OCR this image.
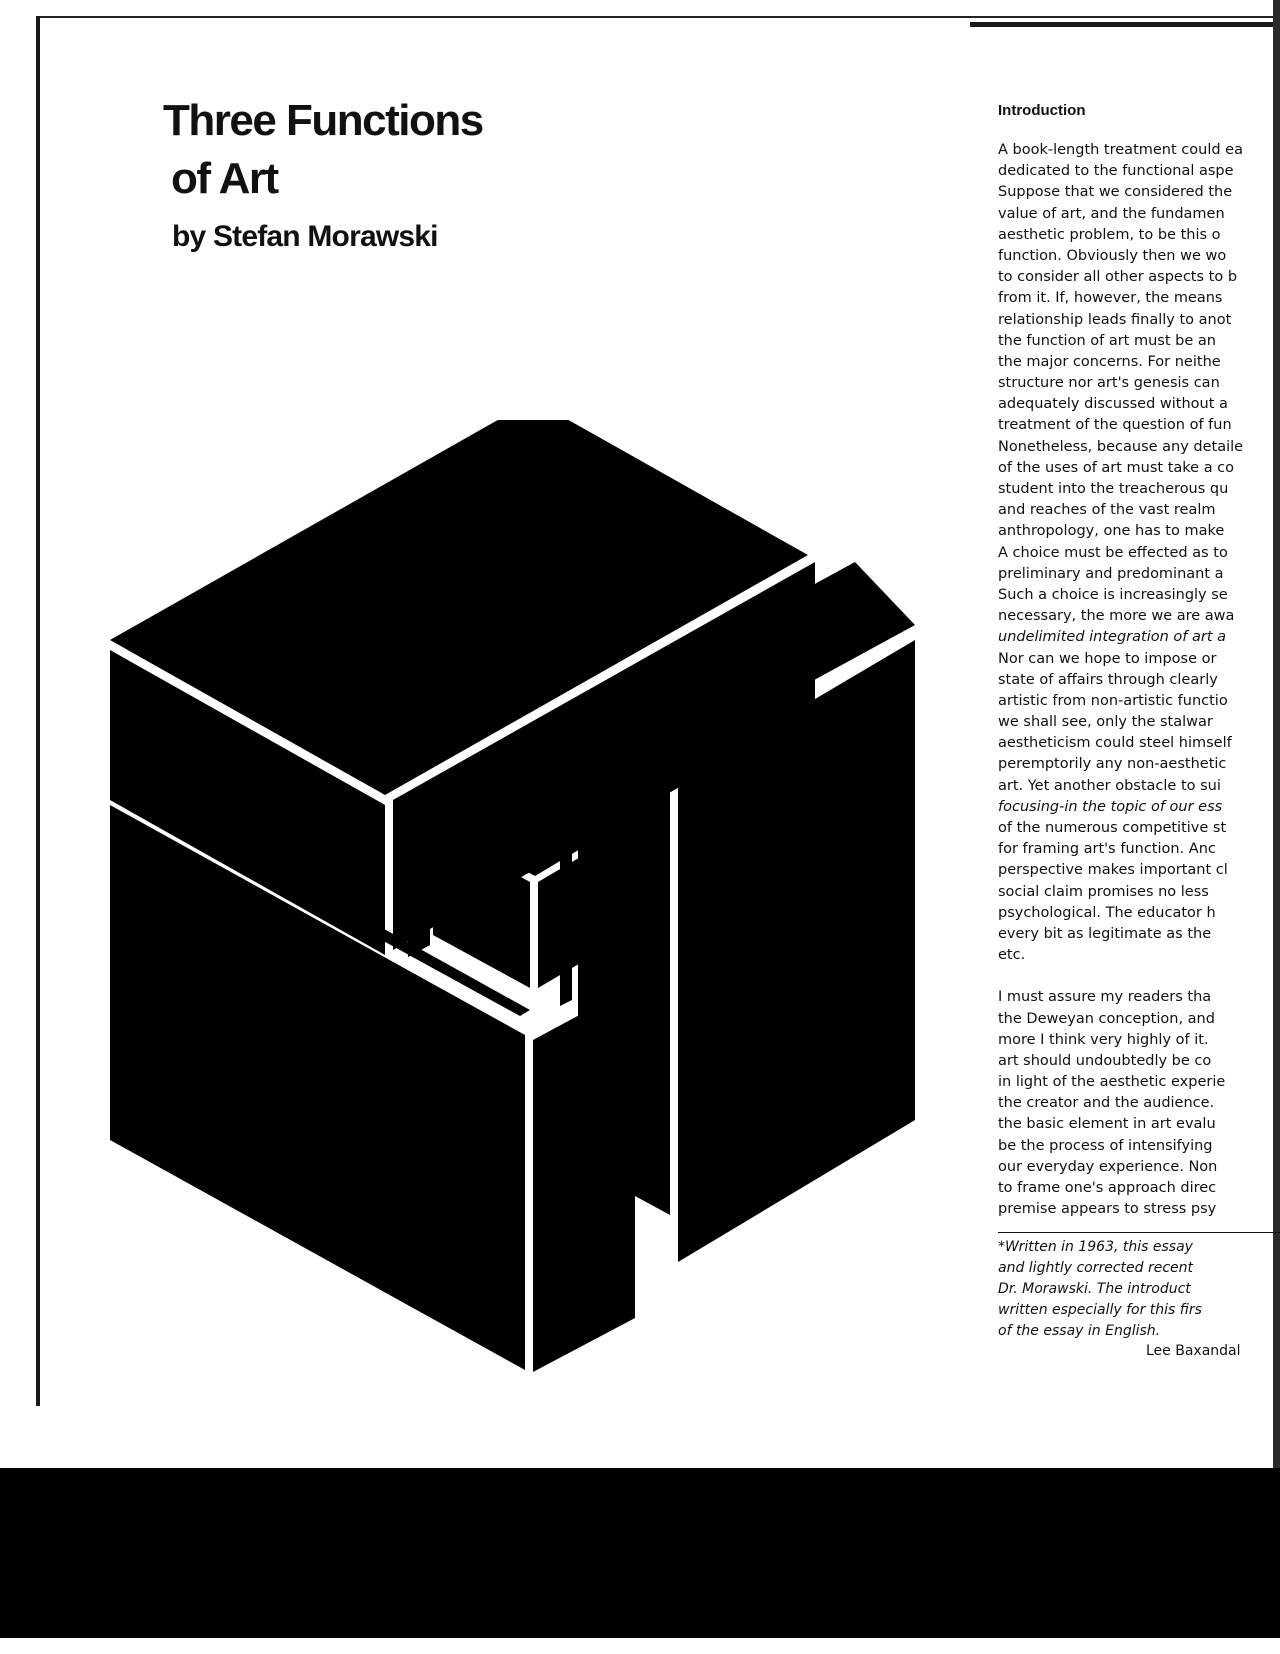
Three Functions
of Art
by Stefan Morawski
Introduction
A book-length treatment could ea
dedicated to the functional aspe
Suppose that we considered the
value of art, and the fundamen
aesthetic problem, to be this o
function. Obviously then we wo
to consider all other aspects to b
from it. If, however, the means
relationship leads finally to anot
the function of art must be an
the major concerns. For neithe
structure nor art's genesis can
adequately discussed without a
treatment of the question of fun
Nonetheless, because any detaile
of the uses of art must take a co
student into the treacherous qu
and reaches of the vast realm
anthropology, one has to make
A choice must be effected as to
preliminary and predominant a
Such a choice is increasingly se
necessary, the more we are awa
undelimited integration of art a
Nor can we hope to impose or
state of affairs through clearly
artistic from non-artistic functio
we shall see, only the stalwar
aestheticism could steel himself
peremptorily any non-aesthetic
art. Yet another obstacle to sui
focusing-in the topic of our ess
of the numerous competitive st
for framing art's function. Anc
perspective makes important cl
social claim promises no less
psychological. The educator h
every bit as legitimate as the
etc.
I must assure my readers tha
the Deweyan conception, and
more I think very highly of it.
art should undoubtedly be co
in light of the aesthetic experie
the creator and the audience.
the basic element in art evalu
be the process of intensifying
our everyday experience. Non
to frame one's approach direc
premise appears to stress psy
*Written in 1963, this essay
and lightly corrected recent
Dr. Morawski. The introduct
written especially for this firs
of the essay in English.
Lee Baxandal
